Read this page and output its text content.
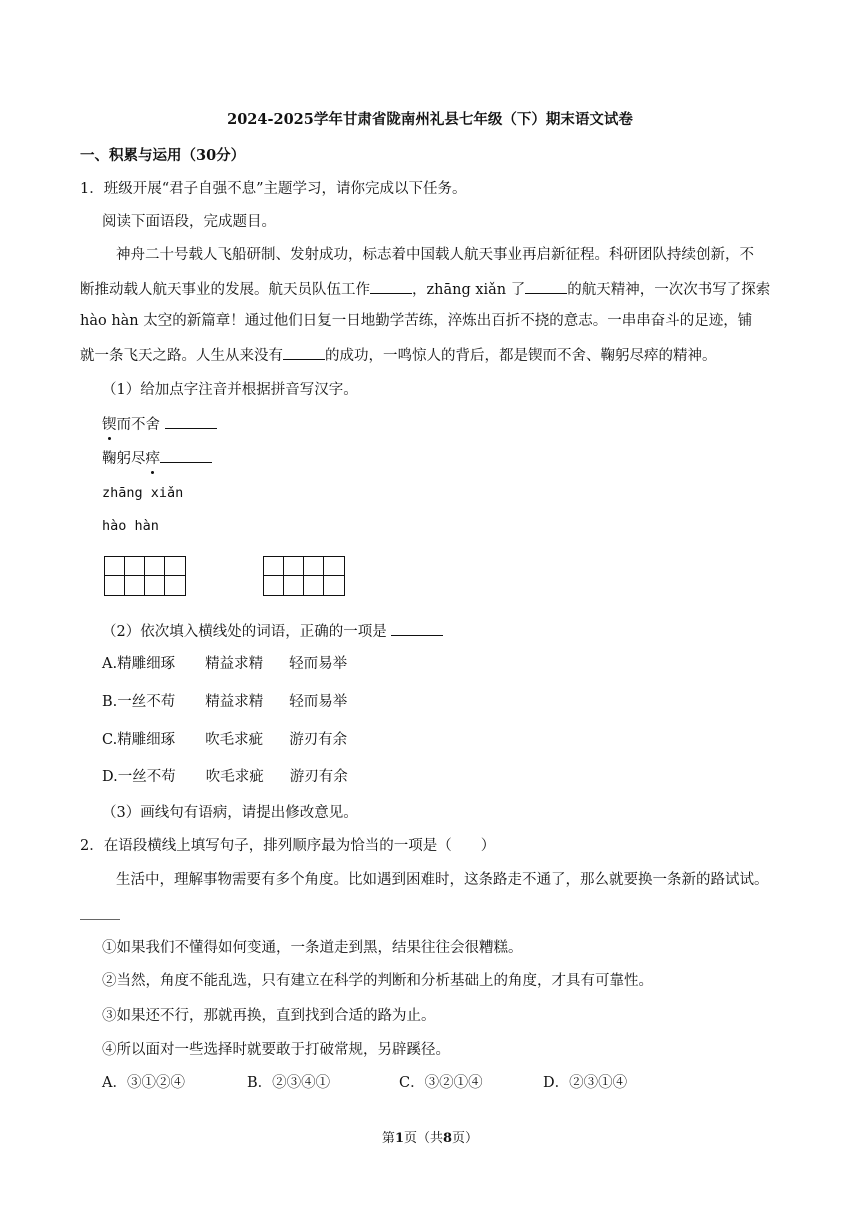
2024-2025学年甘肃省陇南州礼县七年级（下）期末语文试卷
一、积累与运用（30分）
1．班级开展“君子自强不息”主题学习，请你完成以下任务。
阅读下面语段，完成题目。
神舟二十号载人飞船研制、发射成功，标志着中国载人航天事业再启新征程。科研团队持续创新，不
断推动载人航天事业的发展。航天员队伍工作	，zhāng xiǎn 了	的航天精神，一次次书写了探索
hào hàn 太空的新篇章！通过他们日复一日地勤学苦练，淬炼出百折不挠的意志。一串串奋斗的足迹，铺
就一条飞天之路。人生从来没有	的成功，一鸣惊人的背后，都是锲而不舍、鞠躬尽瘁的精神。
（1）给加点字注音并根据拼音写汉字。
锲而不舍
鞠躬尽瘁
zhāng xiǎn
hào hàn
（2）依次填入横线处的词语，正确的一项是
A.精雕细琢 精益求精 轻而易举
B.一丝不苟 精益求精 轻而易举
C.精雕细琢 吹毛求疵 游刃有余
D.一丝不苟 吹毛求疵 游刃有余
（3）画线句有语病，请提出修改意见。
2．在语段横线上填写句子，排列顺序最为恰当的一项是（　　）
生活中，理解事物需要有多个角度。比如遇到困难时，这条路走不通了，那么就要换一条新的路试试。
①如果我们不懂得如何变通，一条道走到黑，结果往往会很糟糕。
②当然，角度不能乱选，只有建立在科学的判断和分析基础上的角度，才具有可靠性。
③如果还不行，那就再换，直到找到合适的路为止。
④所以面对一些选择时就要敢于打破常规，另辟蹊径。
A．③①②④	B．②③④①	C．③②①④	D．②③①④
第1页（共8页）
